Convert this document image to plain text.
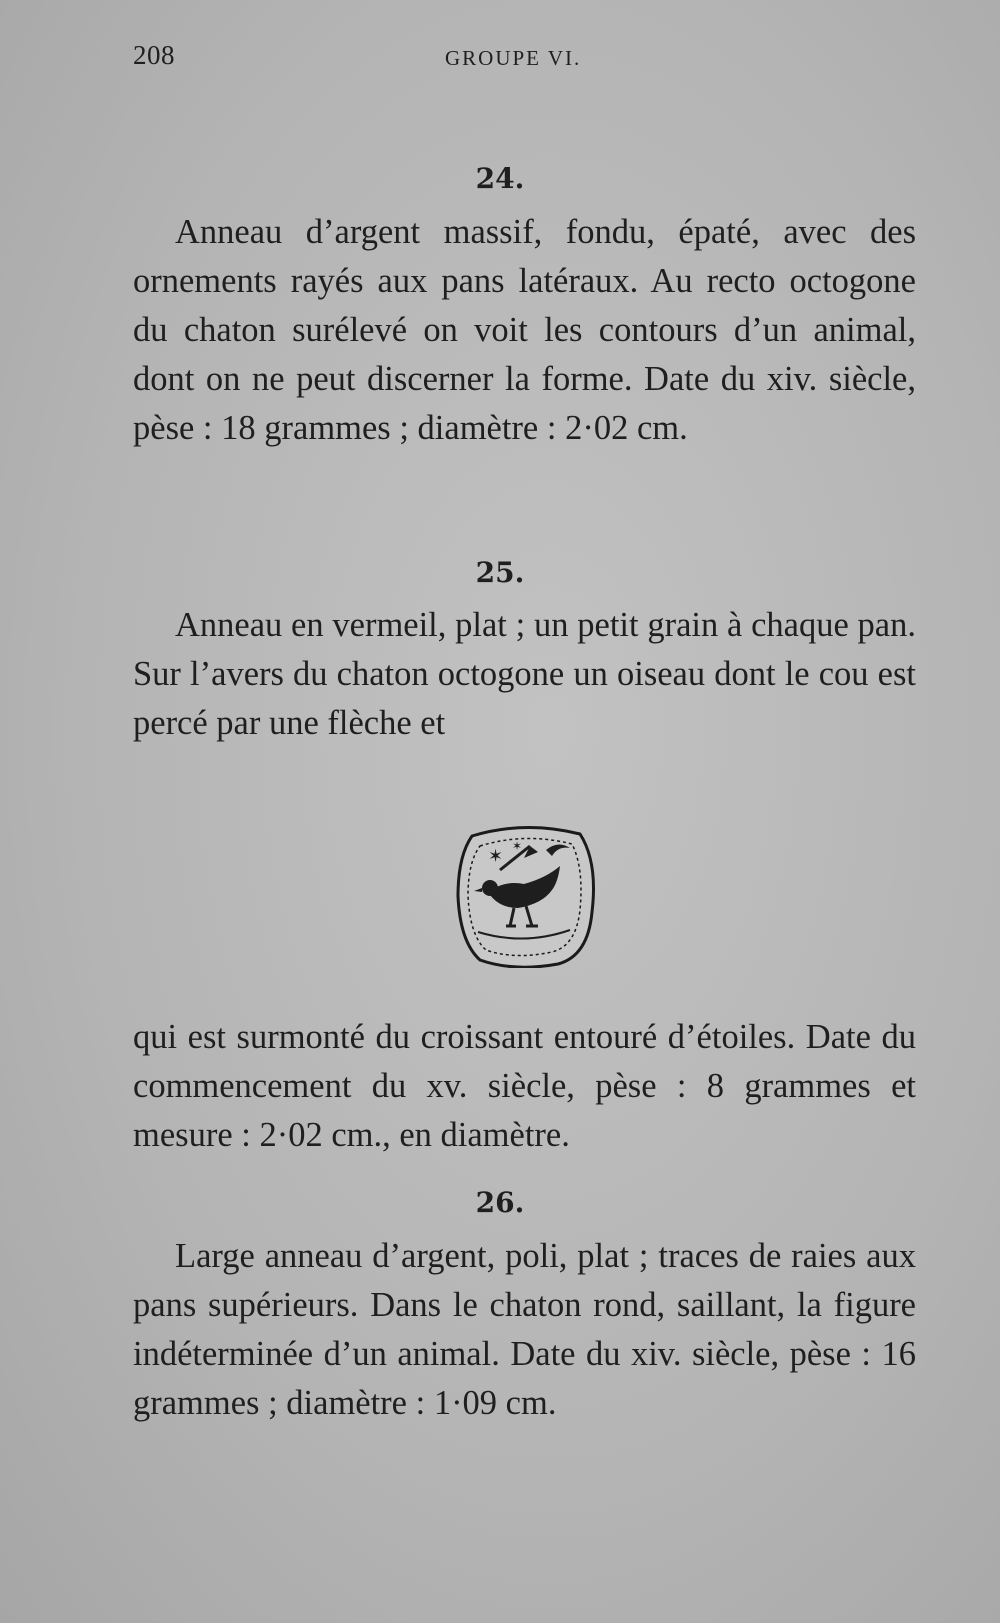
208	GROUPE VI.
24.

Anneau d’argent massif, fondu, épaté, avec des ornements rayés aux pans latéraux. Au recto octogone du chaton surélevé on voit les contours d’un animal, dont on ne peut discerner la forme. Date du xiv. siècle, pèse : 18 grammes ; diamètre : 2·02 cm.

25.

Anneau en vermeil, plat ; un petit grain à chaque pan. Sur l’avers du chaton octogone un oiseau dont le cou est percé par une flèche et

✶ ✶

qui est surmonté du croissant entouré d’étoiles. Date du commencement du xv. siècle, pèse : 8 grammes et mesure : 2·02 cm., en diamètre.

26.

Large anneau d’argent, poli, plat ; traces de raies aux pans supérieurs. Dans le chaton rond, saillant, la figure indéterminée d’un animal. Date du xiv. siècle, pèse : 16 grammes ; diamètre : 1·09 cm.
